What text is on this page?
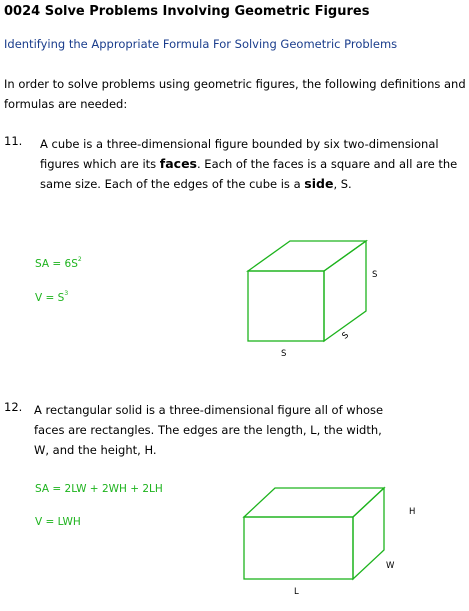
0024 Solve Problems Involving Geometric Figures
Identifying the Appropriate Formula For Solving Geometric Problems
In order to solve problems using geometric figures, the following definitions and formulas are needed:
11. A cube is a three-dimensional figure bounded by six two-dimensional figures which are its faces. Each of the faces is a square and all are the same size. Each of the edges of the cube is a side, S.
SA = $6S^2$
$V = S^3$
S
S
S
12. A rectangular solid is a three-dimensional figure all of whose faces are rectangles. The edges are the length, L, the width, W, and the height, H.
SA = 2LW + 2WH + 2LH
V = LWH
L
W
H
